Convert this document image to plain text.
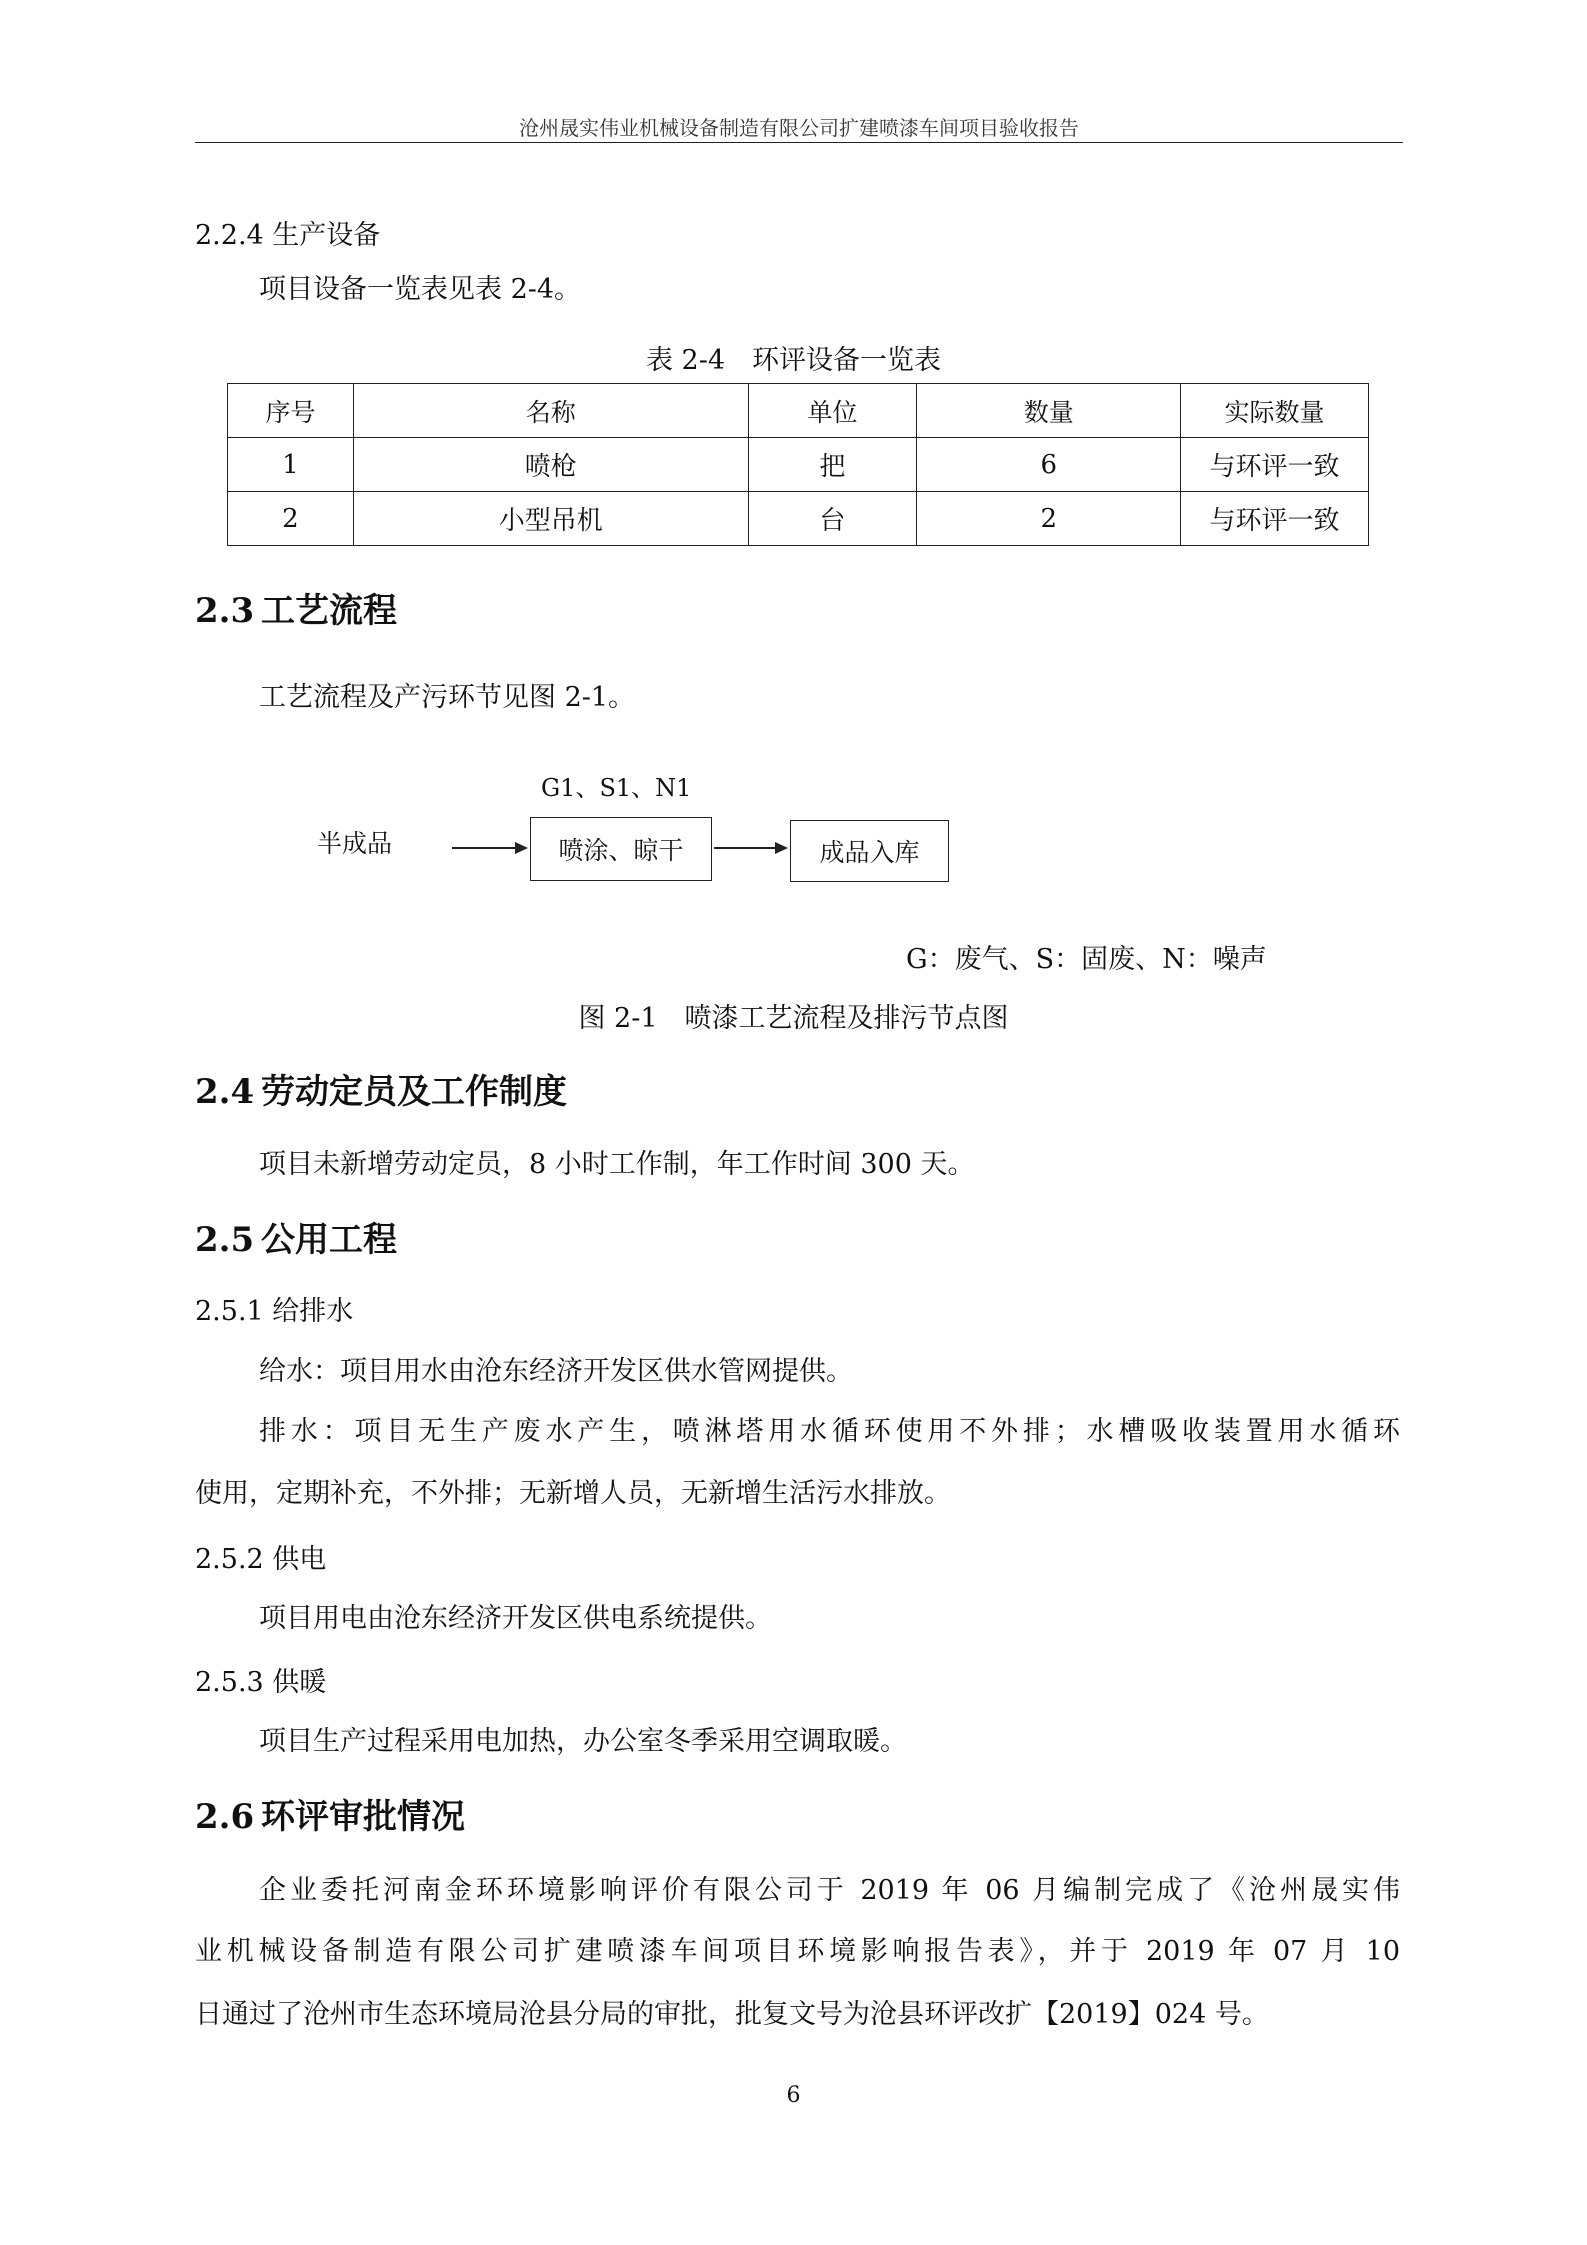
沧州晟实伟业机械设备制造有限公司扩建喷漆车间项目验收报告
2.2.4 生产设备
项目设备一览表见表 2-4。
表 2-4　环评设备一览表
序号	名称	单位	数量	实际数量
1	喷枪	把	6	与环评一致
2	小型吊机	台	2	与环评一致
2.3 工艺流程
工艺流程及产污环节见图 2-1。
半成品
G1、S1、N1
喷涂、晾干	成品入库
G：废气、S：固废、N：噪声
图 2-1　喷漆工艺流程及排污节点图
2.4 劳动定员及工作制度
项目未新增劳动定员，8 小时工作制，年工作时间 300 天。
2.5 公用工程
2.5.1 给排水
给水：项目用水由沧东经济开发区供水管网提供。
排水：项目无生产废水产生，喷淋塔用水循环使用不外排；水槽吸收装置用水循环
使用，定期补充，不外排；无新增人员，无新增生活污水排放。
2.5.2 供电
项目用电由沧东经济开发区供电系统提供。
2.5.3 供暖
项目生产过程采用电加热，办公室冬季采用空调取暖。
2.6 环评审批情况
企业委托河南金环环境影响评价有限公司于 2019 年 06 月编制完成了《沧州晟实伟
业机械设备制造有限公司扩建喷漆车间项目环境影响报告表》，并于 2019 年 07 月 10
日通过了沧州市生态环境局沧县分局的审批，批复文号为沧县环评改扩【2019】024 号。
6
